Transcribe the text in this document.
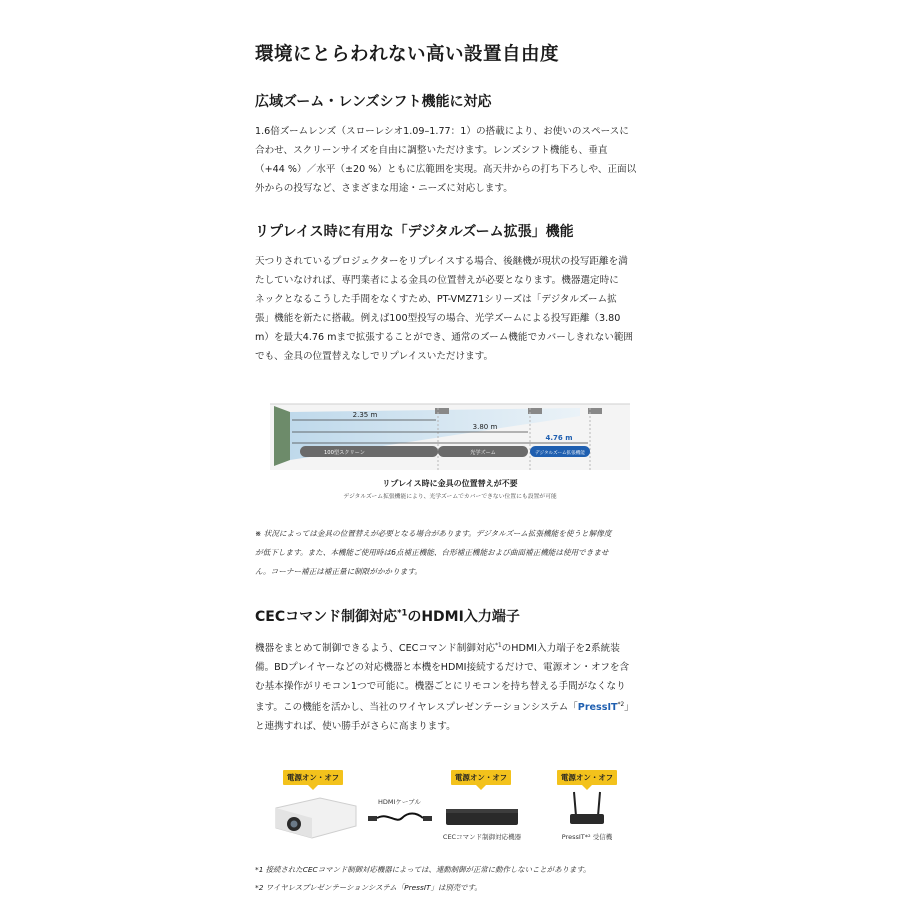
環境にとらわれない高い設置自由度
広域ズーム・レンズシフト機能に対応
1.6倍ズームレンズ（スローレシオ1.09–1.77：1）の搭載により、お使いのスペースに
合わせ、スクリーンサイズを自由に調整いただけます。レンズシフト機能も、垂直
（+44 %）／水平（±20 %）ともに広範囲を実現。高天井からの打ち下ろしや、正面以
外からの投写など、さまざまな用途・ニーズに対応します。
リプレイス時に有用な「デジタルズーム拡張」機能
天つりされているプロジェクターをリプレイスする場合、後継機が現状の投写距離を満
たしていなければ、専門業者による金具の位置替えが必要となります。機器選定時に
ネックとなるこうした手間をなくすため、PT-VMZ71シリーズは「デジタルズーム拡
張」機能を新たに搭載。例えば100型投写の場合、光学ズームによる投写距離（3.80
m）を最大4.76 mまで拡張することができ、通常のズーム機能でカバーしきれない範囲
でも、金具の位置替えなしでリプレイスいただけます。
2.35 m
3.80 m
4.76 m
100型スクリーン	光学ズーム	デジタルズーム拡張機能
リプレイス時に金具の位置替えが不要
デジタルズーム拡張機能により、光学ズームでカバーできない位置にも設置が可能
※ 状況によっては金具の位置替えが必要となる場合があります。デジタルズーム拡張機能を使うと解像度
が低下します。また、本機能ご使用時は6点補正機能、台形補正機能および曲面補正機能は使用できませ
ん。コーナー補正は補正量に制限がかかります。
CECコマンド制御対応$^{*1}$のHDMI入力端子
機器をまとめて制御できるよう、CECコマンド制御対応$^{*1}$のHDMI入力端子を2系統装
備。BDプレイヤーなどの対応機器と本機をHDMI接続するだけで、電源オン・オフを含
む基本操作がリモコン1つで可能に。機器ごとにリモコンを持ち替える手間がなくなり
ます。この機能を活かし、当社のワイヤレスプレゼンテーションシステム「PressIT$^{*2}$」
と連携すれば、使い勝手がさらに高まります。
電源オン・オフ	電源オン・オフ	電源オン・オフ
HDMIケーブル
CECコマンド制御対応機器	PressIT*² 受信機
*1 接続されたCECコマンド制御対応機器によっては、連動制御が正常に動作しないことがあります。
*2 ワイヤレスプレゼンテーションシステム「PressIT」は別売です。
